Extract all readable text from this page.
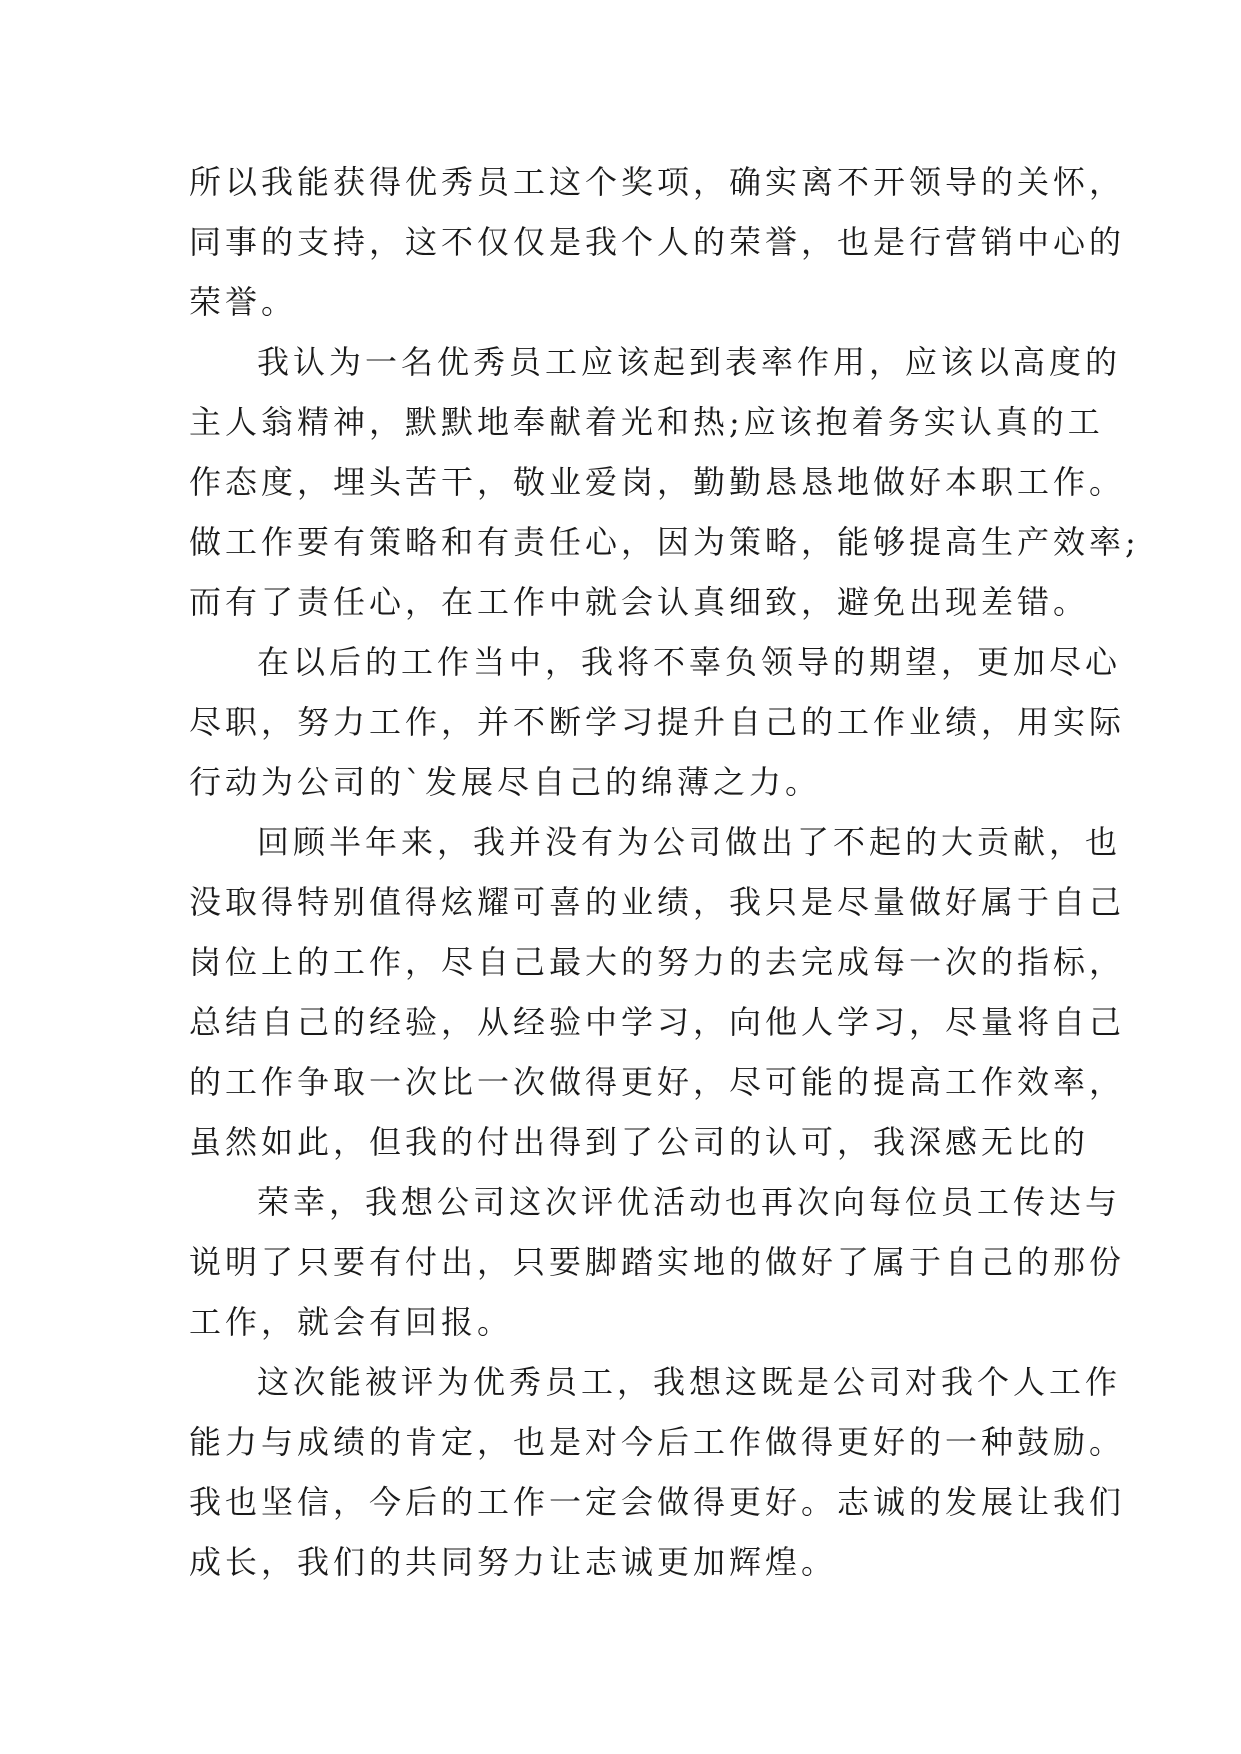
所以我能获得优秀员工这个奖项，确实离不开领导的关怀，
同事的支持，这不仅仅是我个人的荣誉，也是行营销中心的
荣誉。
我认为一名优秀员工应该起到表率作用，应该以高度的
主人翁精神，默默地奉献着光和热;应该抱着务实认真的工
作态度，埋头苦干，敬业爱岗，勤勤恳恳地做好本职工作。
做工作要有策略和有责任心，因为策略，能够提高生产效率;
而有了责任心，在工作中就会认真细致，避免出现差错。
在以后的工作当中，我将不辜负领导的期望，更加尽心
尽职，努力工作，并不断学习提升自己的工作业绩，用实际
行动为公司的`发展尽自己的绵薄之力。
回顾半年来，我并没有为公司做出了不起的大贡献，也
没取得特别值得炫耀可喜的业绩，我只是尽量做好属于自己
岗位上的工作，尽自己最大的努力的去完成每一次的指标，
总结自己的经验，从经验中学习，向他人学习，尽量将自己
的工作争取一次比一次做得更好，尽可能的提高工作效率，
虽然如此，但我的付出得到了公司的认可，我深感无比的
荣幸，我想公司这次评优活动也再次向每位员工传达与
说明了只要有付出，只要脚踏实地的做好了属于自己的那份
工作，就会有回报。
这次能被评为优秀员工，我想这既是公司对我个人工作
能力与成绩的肯定，也是对今后工作做得更好的一种鼓励。
我也坚信，今后的工作一定会做得更好。志诚的发展让我们
成长，我们的共同努力让志诚更加辉煌。
